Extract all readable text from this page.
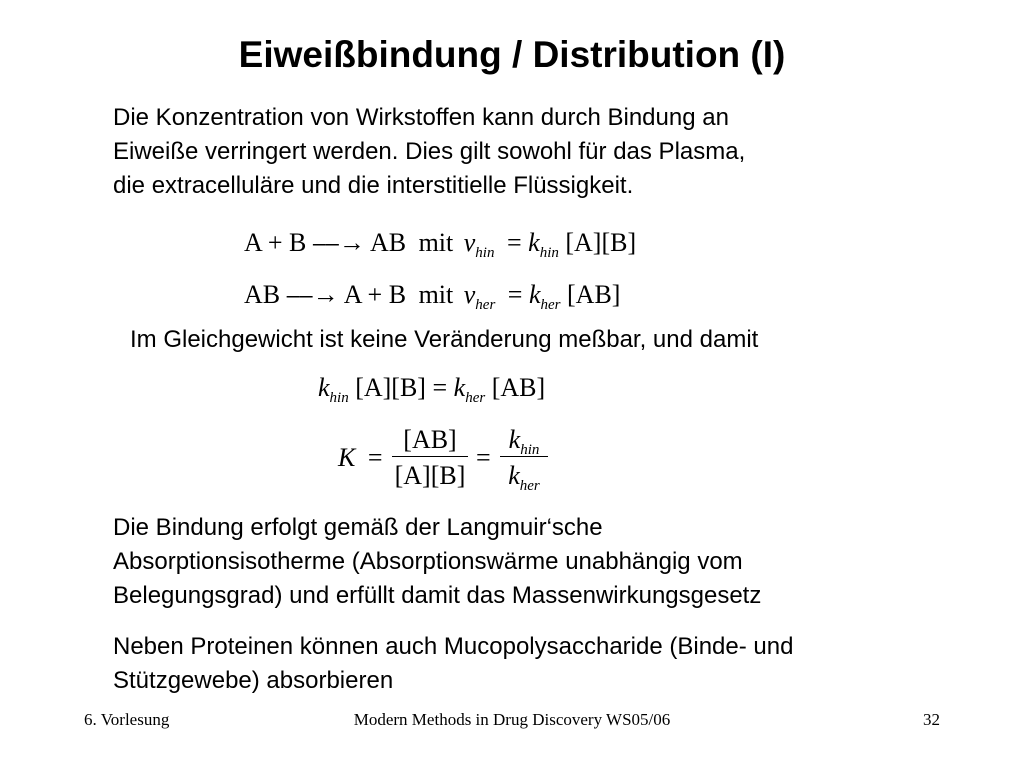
Eiweißbindung / Distribution (I)
Die Konzentration von Wirkstoffen kann durch Bindung an
Eiweiße verringert werden. Dies gilt sowohl für das Plasma,
die extracelluläre und die interstitielle Flüssigkeit.
A + B ⎯⎯→ AB mit $v_{hin} = k_{hin}$ [A][B]
AB ⎯⎯→ A + B mit $v_{her} = k_{her}$ [AB]
Im Gleichgewicht ist keine Veränderung meßbar, und damit
$k_{hin}$ $[A][B] = k_{her}$ [AB]
K =
[AB]
[A][B]
=
$k_{hin}$
$k_{her}$
Die Bindung erfolgt gemäß der Langmuir‘sche
Absorptionsisotherme (Absorptionswärme unabhängig vom
Belegungsgrad) und erfüllt damit das Massenwirkungsgesetz
Neben Proteinen können auch Mucopolysaccharide (Binde- und
Stützgewebe) absorbieren
6. Vorlesung	Modern Methods in Drug Discovery WS05/06	32
